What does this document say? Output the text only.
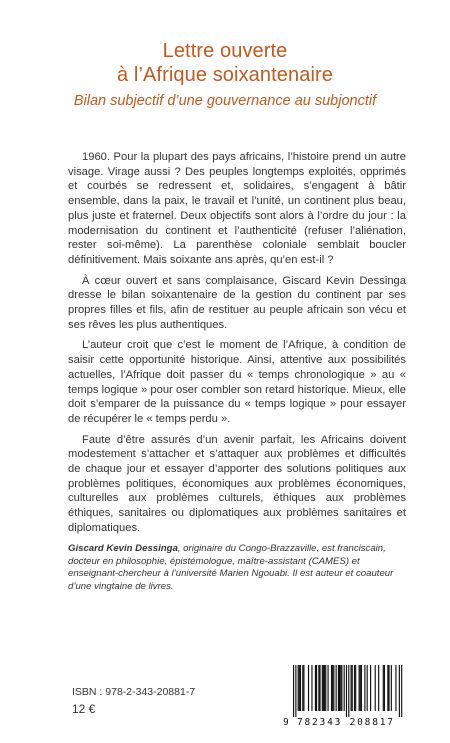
Lettre ouverte
à l’Afrique soixantenaire
Bilan subjectif d’une gouvernance au subjonctif

1960. Pour la plupart des pays africains, l’histoire prend un autre visage. Virage aussi ? Des peuples longtemps exploités, opprimés et courbés se redressent et, solidaires, s’engagent à bâtir ensemble, dans la paix, le travail et l’unité, un continent plus beau, plus juste et fraternel. Deux objectifs sont alors à l’ordre du jour : la modernisation du continent et l’authenticité (refuser l’aliénation, rester soi-même). La parenthèse coloniale semblait boucler définitivement. Mais soixante ans après, qu’en est-il ?

À cœur ouvert et sans complaisance, Giscard Kevin Dessinga dresse le bilan soixantenaire de la gestion du continent par ses propres filles et fils, afin de restituer au peuple africain son vécu et ses rêves les plus authentiques.

L’auteur croit que c’est le moment de l’Afrique, à condition de saisir cette opportunité historique. Ainsi, attentive aux possibilités actuelles, l’Afrique doit passer du « temps chronologique » au « temps logique » pour oser combler son retard historique. Mieux, elle doit s’emparer de la puissance du « temps logique » pour essayer de récupérer le « temps perdu ».

Faute d’être assurés d’un avenir parfait, les Africains doivent modestement s’attacher et s’attaquer aux problèmes et difficultés de chaque jour et essayer d’apporter des solutions politiques aux problèmes politiques, économiques aux problèmes économiques, culturelles aux problèmes culturels, éthiques aux problèmes éthiques, sanitaires ou diplomatiques aux problèmes sanitaires et diplomatiques.

Giscard Kevin Dessinga, originaire du Congo-Brazzaville, est franciscain, docteur en philosophie, épistémologue, maître-assistant (CAMES) et enseignant-chercheur à l’université Marien Ngouabi. Il est auteur et coauteur d’une vingtaine de livres.

ISBN : 978-2-343-20881-7
12 €
9 782343 208817
